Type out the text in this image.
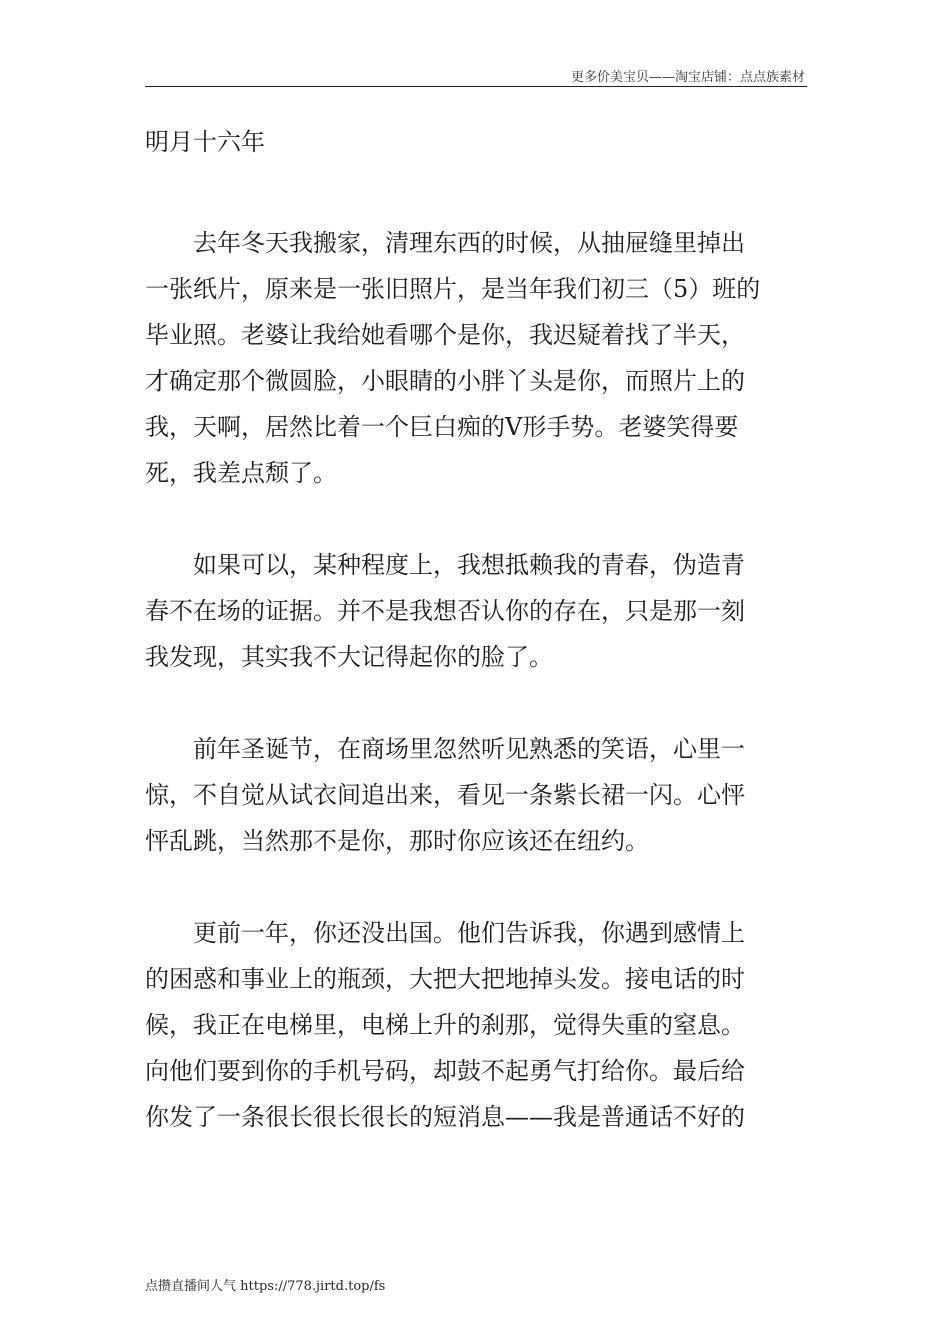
更多价美宝贝——淘宝店铺：点点族素材
明月十六年
　　去年冬天我搬家，清理东西的时候，从抽屉缝里掉出
一张纸片，原来是一张旧照片，是当年我们初三（5）班的
毕业照。老婆让我给她看哪个是你，我迟疑着找了半天，
才确定那个微圆脸，小眼睛的小胖丫头是你，而照片上的
我，天啊，居然比着一个巨白痴的V形手势。老婆笑得要
死，我差点颓了。
　　如果可以，某种程度上，我想抵赖我的青春，伪造青
春不在场的证据。并不是我想否认你的存在，只是那一刻
我发现，其实我不大记得起你的脸了。
　　前年圣诞节，在商场里忽然听见熟悉的笑语，心里一
惊，不自觉从试衣间追出来，看见一条紫长裙一闪。心怦
怦乱跳，当然那不是你，那时你应该还在纽约。
　　更前一年，你还没出国。他们告诉我，你遇到感情上
的困惑和事业上的瓶颈，大把大把地掉头发。接电话的时
候，我正在电梯里，电梯上升的刹那，觉得失重的窒息。
向他们要到你的手机号码，却鼓不起勇气打给你。最后给
你发了一条很长很长很长的短消息——我是普通话不好的
点攒直播间人气 https://778.jirtd.top/fs
